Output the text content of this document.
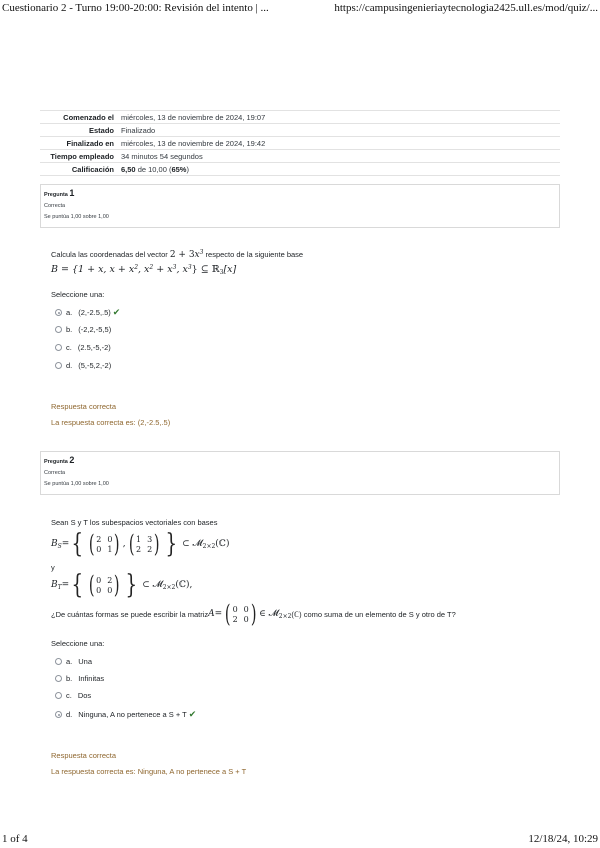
Cuestionario 2 - Turno 19:00-20:00: Revisión del intento | ...	https://campusingenieriaytecnologia2425.ull.es/mod/quiz/...
Comenzado el	miércoles, 13 de noviembre de 2024, 19:07
Estado	Finalizado
Finalizado en	miércoles, 13 de noviembre de 2024, 19:42
Tiempo empleado	34 minutos 54 segundos
Calificación	6,50 de 10,00 (65%)
Pregunta 1
Correcta
Se puntúa 1,00 sobre 1,00
Calcula las coordenadas del vector $2 + 3x^3$ respecto de la siguiente base
B = {1 + x, $x + x^2$, $x^2 + x^3$, $x^3$} ⊆ ℝ$_3$[x]
Seleccione una:
a. (2,-2.5,.5) ✔
b. (-2,2,-5,5)
c. (2.5,-5,-2)
d. (5,-5,2,-2)
Respuesta correcta
La respuesta correcta es: (2,-2.5,.5)
Pregunta 2
Correcta
Se puntúa 1,00 sobre 1,00
Sean S y T los subespacios vectoriales con bases
$B_S$ = { ( 2 0
0 1 ) , ( 1 3
2 2 ) } ⊂ 𝓜$_{2\times 2}$(ℂ)
y
$B_T$ = { ( 0 2
0 0 ) } ⊂ 𝓜$_{2\times 2}$(ℂ),
¿De cuántas formas se puede escribir la matriz A = ( 0 0
2 0 ) ∈ 𝓜$_{2\times 2}$ (ℂ) como suma de un elemento de S y otro de T?
Seleccione una:
a. Una
b. Infinitas
c. Dos
d. Ninguna, A no pertenece a S + T ✔
Respuesta correcta
La respuesta correcta es: Ninguna, A no pertenece a S + T
1 of 4	12/18/24, 10:29
